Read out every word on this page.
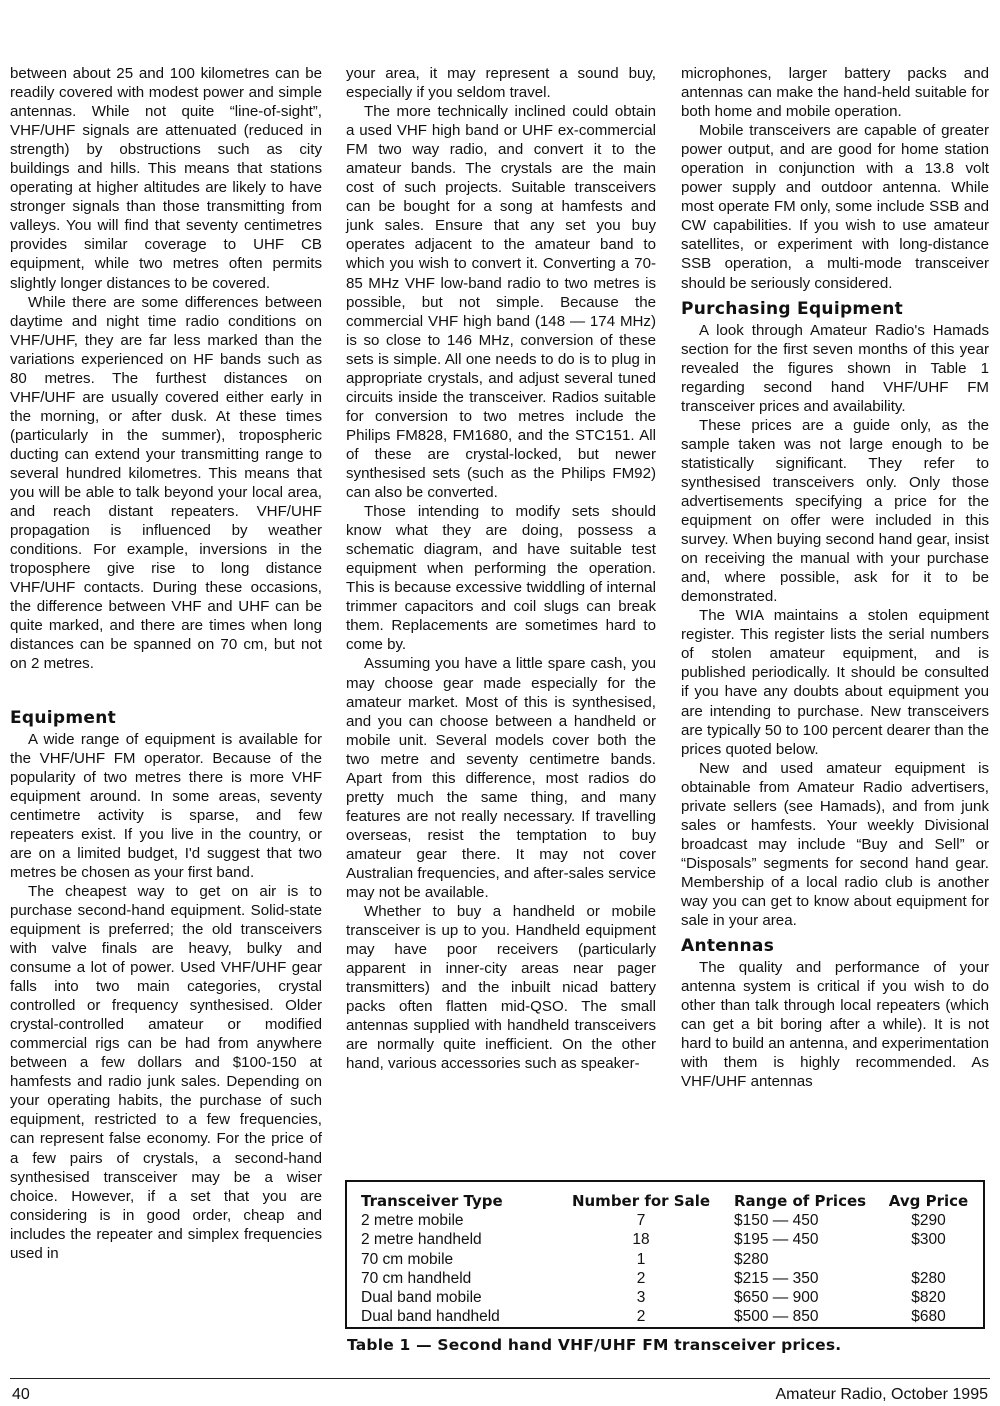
between about 25 and 100 kilometres can be readily covered with modest power and simple antennas. While not quite “line-of-sight”, VHF/UHF signals are attenuated (reduced in strength) by obstructions such as city buildings and hills. This means that stations operating at higher altitudes are likely to have stronger signals than those transmitting from valleys. You will find that seventy centimetres provides similar coverage to UHF CB equipment, while two metres often permits slightly longer distances to be covered.

While there are some differences between daytime and night time radio conditions on VHF/UHF, they are far less marked than the variations experienced on HF bands such as 80 metres. The furthest distances on VHF/UHF are usually covered either early in the morning, or after dusk. At these times (particularly in the summer), tropospheric ducting can extend your transmitting range to several hundred kilometres. This means that you will be able to talk beyond your local area, and reach distant repeaters. VHF/UHF propagation is influenced by weather conditions. For example, inversions in the troposphere give rise to long distance VHF/UHF contacts. During these occasions, the difference between VHF and UHF can be quite marked, and there are times when long distances can be spanned on 70 cm, but not on 2 metres.

Equipment

A wide range of equipment is available for the VHF/UHF FM operator. Because of the popularity of two metres there is more VHF equipment around. In some areas, seventy centimetre activity is sparse, and few repeaters exist. If you live in the country, or are on a limited budget, I'd suggest that two metres be chosen as your first band.

The cheapest way to get on air is to purchase second-hand equipment. Solid-state equipment is preferred; the old transceivers with valve finals are heavy, bulky and consume a lot of power. Used VHF/UHF gear falls into two main categories, crystal controlled or frequency synthesised. Older crystal-controlled amateur or modified commercial rigs can be had from anywhere between a few dollars and $100-150 at hamfests and radio junk sales. Depending on your operating habits, the purchase of such equipment, restricted to a few frequencies, can represent false economy. For the price of a few pairs of crystals, a second-hand synthesised transceiver may be a wiser choice. However, if a set that you are considering is in good order, cheap and includes the repeater and simplex frequencies used in

your area, it may represent a sound buy, especially if you seldom travel.

The more technically inclined could obtain a used VHF high band or UHF ex-commercial FM two way radio, and convert it to the amateur bands. The crystals are the main cost of such projects. Suitable transceivers can be bought for a song at hamfests and junk sales. Ensure that any set you buy operates adjacent to the amateur band to which you wish to convert it. Converting a 70-85 MHz VHF low-band radio to two metres is possible, but not simple. Because the commercial VHF high band (148 — 174 MHz) is so close to 146 MHz, conversion of these sets is simple. All one needs to do is to plug in appropriate crystals, and adjust several tuned circuits inside the transceiver. Radios suitable for conversion to two metres include the Philips FM828, FM1680, and the STC151. All of these are crystal-locked, but newer synthesised sets (such as the Philips FM92) can also be converted.

Those intending to modify sets should know what they are doing, possess a schematic diagram, and have suitable test equipment when performing the operation. This is because excessive twiddling of internal trimmer capacitors and coil slugs can break them. Replacements are sometimes hard to come by.

Assuming you have a little spare cash, you may choose gear made especially for the amateur market. Most of this is synthesised, and you can choose between a handheld or mobile unit. Several models cover both the two metre and seventy centimetre bands. Apart from this difference, most radios do pretty much the same thing, and many features are not really necessary. If travelling overseas, resist the temptation to buy amateur gear there. It may not cover Australian frequencies, and after-sales service may not be available.

Whether to buy a handheld or mobile transceiver is up to you. Handheld equipment may have poor receivers (particularly apparent in inner-city areas near pager transmitters) and the inbuilt nicad battery packs often flatten mid-QSO. The small antennas supplied with handheld transceivers are normally quite inefficient. On the other hand, various accessories such as speaker-

microphones, larger battery packs and antennas can make the hand-held suitable for both home and mobile operation.

Mobile transceivers are capable of greater power output, and are good for home station operation in conjunction with a 13.8 volt power supply and outdoor antenna. While most operate FM only, some include SSB and CW capabilities. If you wish to use amateur satellites, or experiment with long-distance SSB operation, a multi-mode transceiver should be seriously considered.

Purchasing Equipment

A look through Amateur Radio's Hamads section for the first seven months of this year revealed the figures shown in Table 1 regarding second hand VHF/UHF FM transceiver prices and availability.

These prices are a guide only, as the sample taken was not large enough to be statistically significant. They refer to synthesised transceivers only. Only those advertisements specifying a price for the equipment on offer were included in this survey. When buying second hand gear, insist on receiving the manual with your purchase and, where possible, ask for it to be demonstrated.

The WIA maintains a stolen equipment register. This register lists the serial numbers of stolen amateur equipment, and is published periodically. It should be consulted if you have any doubts about equipment you are intending to purchase. New transceivers are typically 50 to 100 percent dearer than the prices quoted below.

New and used amateur equipment is obtainable from Amateur Radio advertisers, private sellers (see Hamads), and from junk sales or hamfests. Your weekly Divisional broadcast may include “Buy and Sell” or “Disposals” segments for second hand gear. Membership of a local radio club is another way you can get to know about equipment for sale in your area.

Antennas

The quality and performance of your antenna system is critical if you wish to do other than talk through local repeaters (which can get a bit boring after a while). It is not hard to build an antenna, and experimentation with them is highly recommended. As VHF/UHF antennas

Transceiver Type	Number for Sale	Range of Prices	Avg Price
2 metre mobile	7	$150 — 450	$290
2 metre handheld	18	$195 — 450	$300
70 cm mobile	1	$280	
70 cm handheld	2	$215 — 350	$280
Dual band mobile	3	$650 — 900	$820
Dual band handheld	2	$500 — 850	$680
Table 1 — Second hand VHF/UHF FM transceiver prices.
40	Amateur Radio, October 1995
